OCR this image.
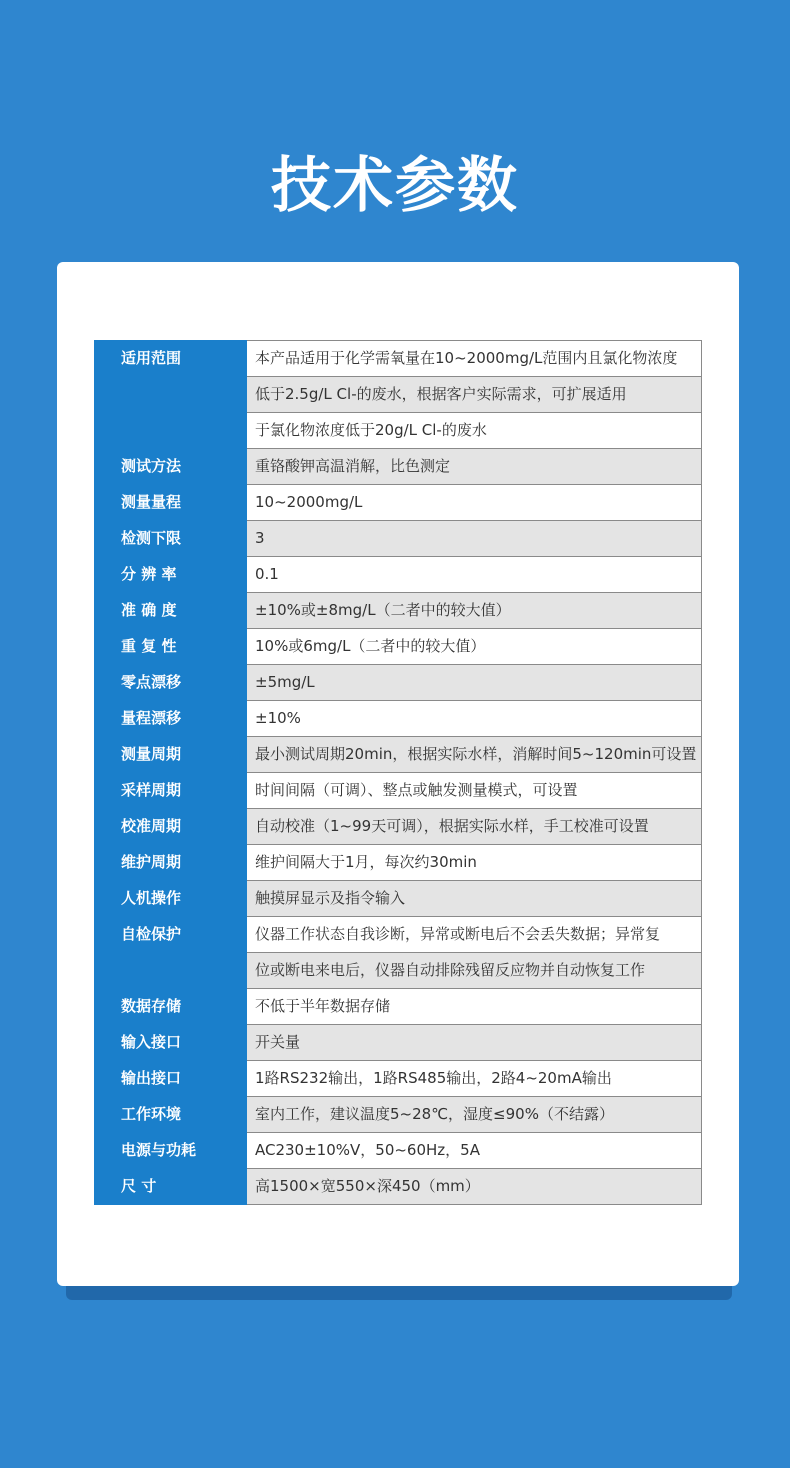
技术参数
适用范围	本产品适用于化学需氧量在10~2000mg/L范围内且氯化物浓度
	低于2.5g/L Cl-的废水，根据客户实际需求，可扩展适用
	于氯化物浓度低于20g/L Cl-的废水
测试方法	重铬酸钾高温消解，比色测定
测量量程	10~2000mg/L
检测下限	3
分 辨 率	0.1
准 确 度	±10%或±8mg/L（二者中的较大值）
重 复 性	10%或6mg/L（二者中的较大值）
零点漂移	±5mg/L
量程漂移	±10%
测量周期	最小测试周期20min，根据实际水样，消解时间5~120min可设置
采样周期	时间间隔（可调）、整点或触发测量模式，可设置
校准周期	自动校准（1~99天可调），根据实际水样，手工校准可设置
维护周期	维护间隔大于1月，每次约30min
人机操作	触摸屏显示及指令输入
自检保护	仪器工作状态自我诊断，异常或断电后不会丢失数据；异常复
	位或断电来电后，仪器自动排除残留反应物并自动恢复工作
数据存储	不低于半年数据存储
输入接口	开关量
输出接口	1路RS232输出，1路RS485输出，2路4~20mA输出
工作环境	室内工作，建议温度5~28℃，湿度≤90%（不结露）
电源与功耗	AC230±10%V，50~60Hz，5A
尺 寸	高1500×宽550×深450（mm）
